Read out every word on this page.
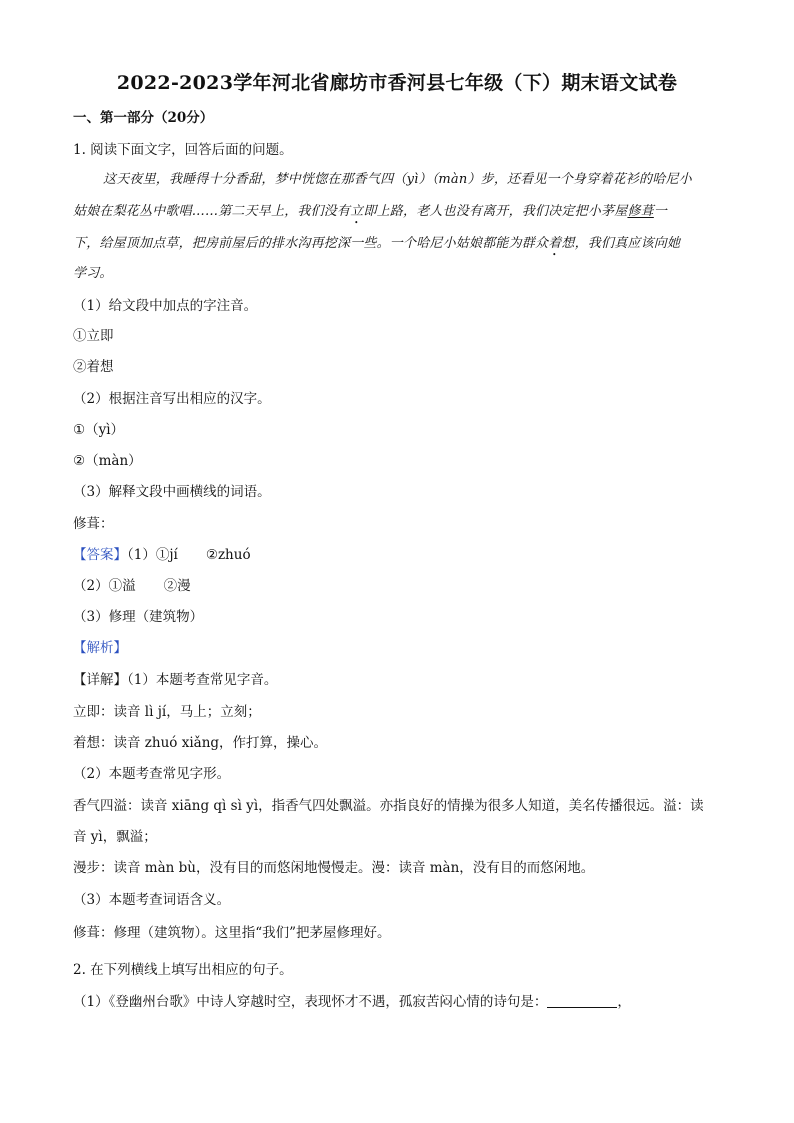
2022-2023学年河北省廊坊市香河县七年级（下）期末语文试卷
一、第一部分（20分）
1. 阅读下面文字，回答后面的问题。
这天夜里，我睡得十分香甜，梦中恍惚在那香气四（yì）（màn）步，还看见一个身穿着花衫的哈尼小
姑娘在梨花丛中歌唱……第二天早上，我们没有立即上路，老人也没有离开，我们决定把小茅屋修葺一
下，给屋顶加点草，把房前屋后的排水沟再挖深一些。一个哈尼小姑娘都能为群众着想，我们真应该向她
学习。
（1）给文段中加点的字注音。
①立即
②着想
（2）根据注音写出相应的汉字。
①（yì）
②（màn）
（3）解释文段中画横线的词语。
修葺：
【答案】（1）①jí ②zhuó
（2）①溢 ②漫
（3）修理（建筑物）
【解析】
【详解】（1）本题考查常见字音。
立即：读音 lì jí，马上；立刻；
着想：读音 zhuó xiǎng，作打算，操心。
（2）本题考查常见字形。
香气四溢：读音 xiāng qì sì yì，指香气四处飘溢。亦指良好的情操为很多人知道，美名传播很远。溢：读
音 yì，飘溢；
漫步：读音 màn bù，没有目的而悠闲地慢慢走。漫：读音 màn，没有目的而悠闲地。
（3）本题考查词语含义。
修葺：修理（建筑物）。这里指“我们”把茅屋修理好。
2. 在下列横线上填写出相应的句子。
（1）《登幽州台歌》中诗人穿越时空，表现怀才不遇，孤寂苦闷心情的诗句是：	，
